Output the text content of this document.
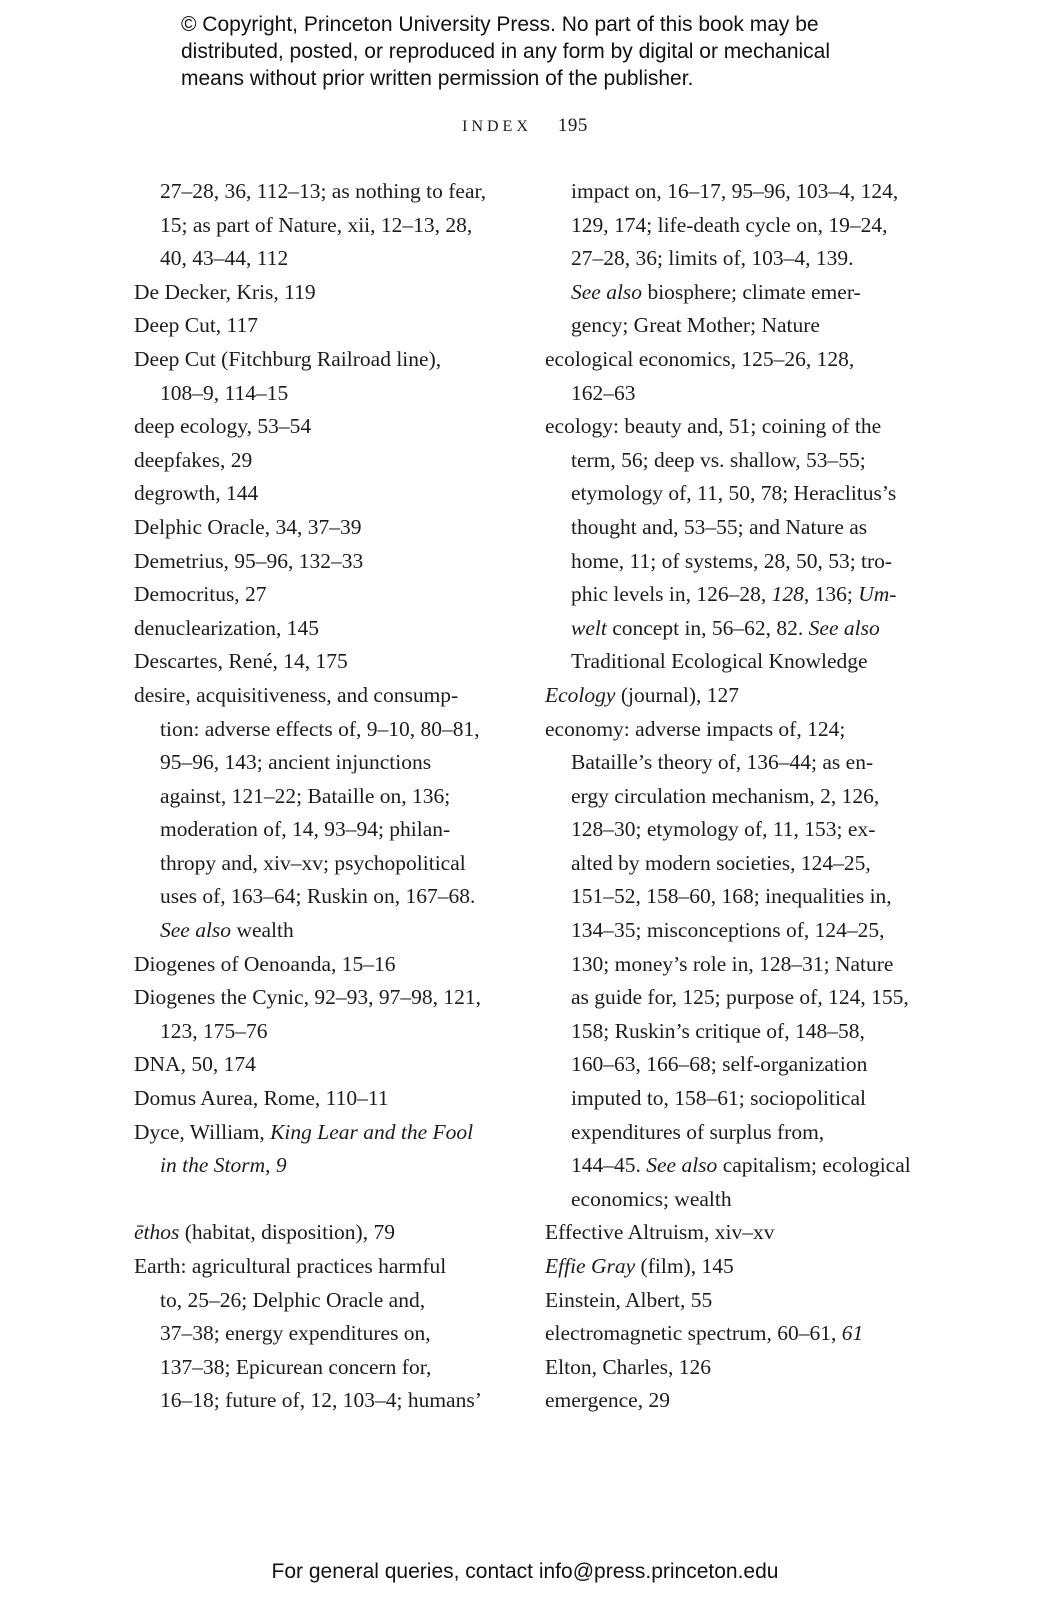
© Copyright, Princeton University Press. No part of this book may be
distributed, posted, or reproduced in any form by digital or mechanical
means without prior written permission of the publisher.
INDEX 195
27–28, 36, 112–13; as nothing to fear,
15; as part of Nature, xii, 12–13, 28,
40, 43–44, 112
De Decker, Kris, 119
Deep Cut, 117
Deep Cut (Fitchburg Railroad line),
108–9, 114–15
deep ecology, 53–54
deepfakes, 29
degrowth, 144
Delphic Oracle, 34, 37–39
Demetrius, 95–96, 132–33
Democritus, 27
denuclearization, 145
Descartes, René, 14, 175
desire, acquisitiveness, and consump-
tion: adverse effects of, 9–10, 80–81,
95–96, 143; ancient injunctions
against, 121–22; Bataille on, 136;
moderation of, 14, 93–94; philan-
thropy and, xiv–xv; psychopolitical
uses of, 163–64; Ruskin on, 167–68.
See also wealth
Diogenes of Oenoanda, 15–16
Diogenes the Cynic, 92–93, 97–98, 121,
123, 175–76
DNA, 50, 174
Domus Aurea, Rome, 110–11
Dyce, William, King Lear and the Fool
in the Storm, 9
ēthos (habitat, disposition), 79
Earth: agricultural practices harmful
to, 25–26; Delphic Oracle and,
37–38; energy expenditures on,
137–38; Epicurean concern for,
16–18; future of, 12, 103–4; humans’
impact on, 16–17, 95–96, 103–4, 124,
129, 174; life-death cycle on, 19–24,
27–28, 36; limits of, 103–4, 139.
See also biosphere; climate emer-
gency; Great Mother; Nature
ecological economics, 125–26, 128,
162–63
ecology: beauty and, 51; coining of the
term, 56; deep vs. shallow, 53–55;
etymology of, 11, 50, 78; Heraclitus’s
thought and, 53–55; and Nature as
home, 11; of systems, 28, 50, 53; tro-
phic levels in, 126–28, 128, 136; Um-
welt concept in, 56–62, 82. See also
Traditional Ecological Knowledge
Ecology (journal), 127
economy: adverse impacts of, 124;
Bataille’s theory of, 136–44; as en-
ergy circulation mechanism, 2, 126,
128–30; etymology of, 11, 153; ex-
alted by modern societies, 124–25,
151–52, 158–60, 168; inequalities in,
134–35; misconceptions of, 124–25,
130; money’s role in, 128–31; Nature
as guide for, 125; purpose of, 124, 155,
158; Ruskin’s critique of, 148–58,
160–63, 166–68; self-organization
imputed to, 158–61; sociopolitical
expenditures of surplus from,
144–45. See also capitalism; ecological
economics; wealth
Effective Altruism, xiv–xv
Effie Gray (film), 145
Einstein, Albert, 55
electromagnetic spectrum, 60–61, 61
Elton, Charles, 126
emergence, 29
For general queries, contact info@press.princeton.edu
